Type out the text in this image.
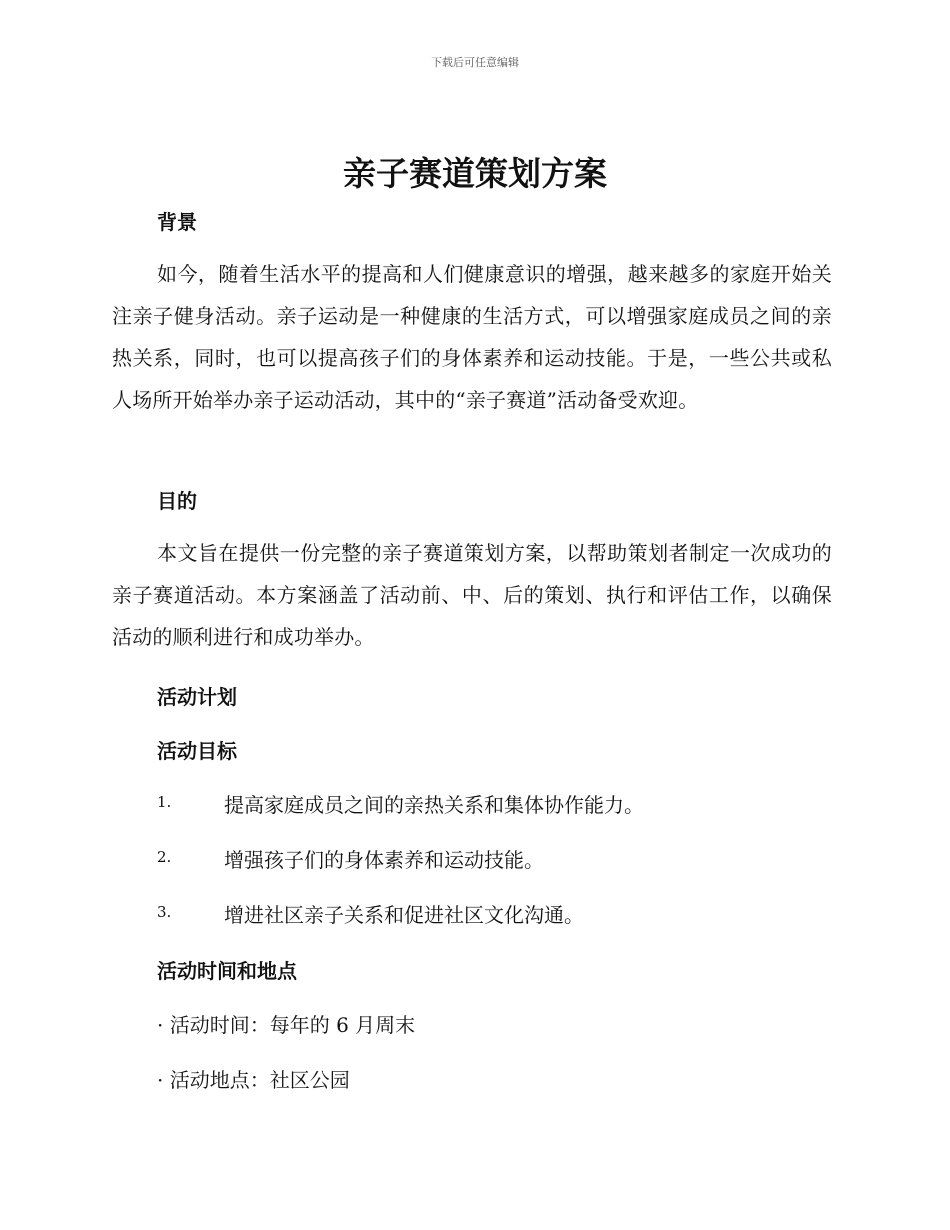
下载后可任意编辑
亲子赛道策划方案
背景

如今，随着生活水平的提高和人们健康意识的增强，越来越多的家庭开始关注亲子健身活动。亲子运动是一种健康的生活方式，可以增强家庭成员之间的亲热关系，同时，也可以提高孩子们的身体素养和运动技能。于是，一些公共或私人场所开始举办亲子运动活动，其中的“亲子赛道”活动备受欢迎。

目的

本文旨在提供一份完整的亲子赛道策划方案，以帮助策划者制定一次成功的亲子赛道活动。本方案涵盖了活动前、中、后的策划、执行和评估工作，以确保活动的顺利进行和成功举办。

活动计划
活动目标
1.	提高家庭成员之间的亲热关系和集体协作能力。
2.	增强孩子们的身体素养和运动技能。
3.	增进社区亲子关系和促进社区文化沟通。
活动时间和地点
· 活动时间：每年的 6 月周末
· 活动地点：社区公园
